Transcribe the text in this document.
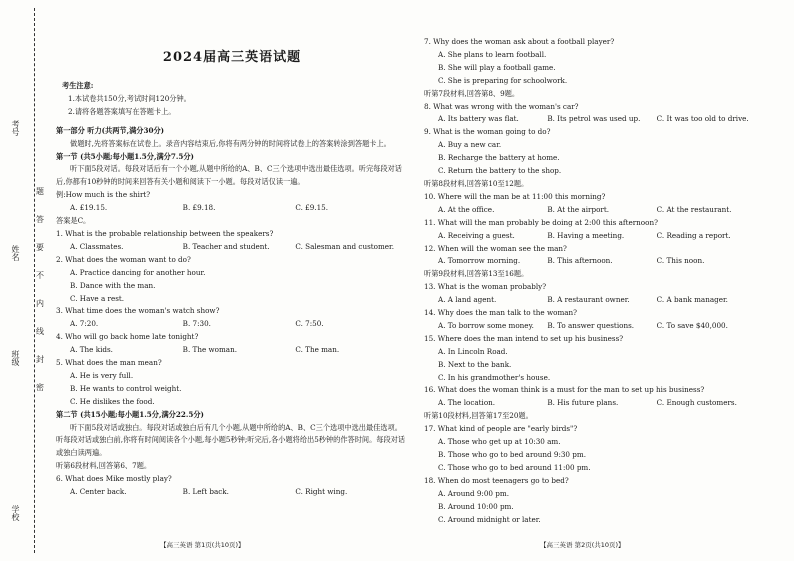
考号
姓名
班级
学校
题
答
要
不
内
线
封
密
2024届高三英语试题
考生注意:
1.本试卷共150分,考试时间120分钟。
2.请将各题答案填写在答题卡上。
第一部分 听力(共两节,满分30分)
做题时,先将答案标在试卷上。录音内容结束后,你将有两分钟的时间将试卷上的答案转涂到答题卡上。
第一节 (共5小题;每小题1.5分,满分7.5分)
听下面5段对话。每段对话后有一个小题,从题中所给的A、B、C三个选项中选出最佳选项。听完每段对话后,你都有10秒钟的时间来回答有关小题和阅读下一小题。每段对话仅读一遍。
例:How much is the shirt?
A. £19.15.	B. £9.18.	C. £9.15.
答案是C。
1. What is the probable relationship between the speakers?
A. Classmates.	B. Teacher and student.	C. Salesman and customer.
2. What does the woman want to do?
A. Practice dancing for another hour.
B. Dance with the man.
C. Have a rest.
3. What time does the woman's watch show?
A. 7:20.	B. 7:30.	C. 7:50.
4. Who will go back home late tonight?
A. The kids.	B. The woman.	C. The man.
5. What does the man mean?
A. He is very full.
B. He wants to control weight.
C. He dislikes the food.
第二节 (共15小题;每小题1.5分,满分22.5分)
听下面5段对话或独白。每段对话或独白后有几个小题,从题中所给的A、B、C三个选项中选出最佳选项。听每段对话或独白前,你将有时间阅读各个小题,每小题5秒钟;听完后,各小题将给出5秒钟的作答时间。每段对话或独白读两遍。
听第6段材料,回答第6、7题。
6. What does Mike mostly play?
A. Center back.	B. Left back.	C. Right wing.
【高三英语 第1页(共10页)】
7. Why does the woman ask about a football player?
A. She plans to learn football.
B. She will play a football game.
C. She is preparing for schoolwork.
听第7段材料,回答第8、9题。
8. What was wrong with the woman's car?
A. Its battery was flat.	B. Its petrol was used up.	C. It was too old to drive.
9. What is the woman going to do?
A. Buy a new car.
B. Recharge the battery at home.
C. Return the battery to the shop.
听第8段材料,回答第10至12题。
10. Where will the man be at 11:00 this morning?
A. At the office.	B. At the airport.	C. At the restaurant.
11. What will the man probably be doing at 2:00 this afternoon?
A. Receiving a guest.	B. Having a meeting.	C. Reading a report.
12. When will the woman see the man?
A. Tomorrow morning.	B. This afternoon.	C. This noon.
听第9段材料,回答第13至16题。
13. What is the woman probably?
A. A land agent.	B. A restaurant owner.	C. A bank manager.
14. Why does the man talk to the woman?
A. To borrow some money.	B. To answer questions.	C. To save $40,000.
15. Where does the man intend to set up his business?
A. In Lincoln Road.
B. Next to the bank.
C. In his grandmother's house.
16. What does the woman think is a must for the man to set up his business?
A. The location.	B. His future plans.	C. Enough customers.
听第10段材料,回答第17至20题。
17. What kind of people are "early birds"?
A. Those who get up at 10:30 am.
B. Those who go to bed around 9:30 pm.
C. Those who go to bed around 11:00 pm.
18. When do most teenagers go to bed?
A. Around 9:00 pm.
B. Around 10:00 pm.
C. Around midnight or later.
【高三英语 第2页(共10页)】
